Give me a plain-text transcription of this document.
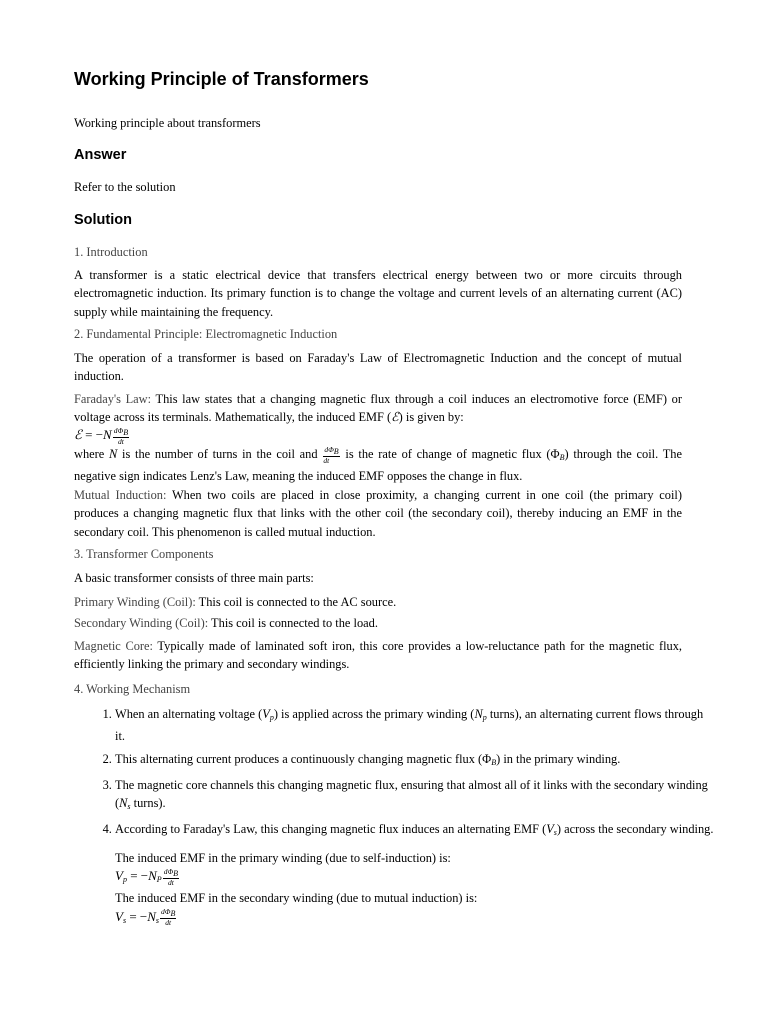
Working Principle of Transformers

Working principle about transformers

Answer

Refer to the solution

Solution

1. Introduction

A transformer is a static electrical device that transfers electrical energy between two or more circuits through electromagnetic induction. Its primary function is to change the voltage and current levels of an alternating current (AC) supply while maintaining the frequency.

2. Fundamental Principle: Electromagnetic Induction

The operation of a transformer is based on Faraday's Law of Electromagnetic Induction and the concept of mutual induction.

Faraday's Law: This law states that a changing magnetic flux through a coil induces an electromotive force (EMF) or voltage across its terminals. Mathematically, the induced EMF (ℰ) is given by:

ℰ = $-N \frac{\text{dΦB}}{dt}$

where N is the number of turns in the coil and $\frac{\text{dΦB}}{dt}$ is the rate of change of magnetic flux $(\Phi_B)$ through the coil. The negative sign indicates Lenz's Law, meaning the induced EMF opposes the change in flux.

Mutual Induction: When two coils are placed in close proximity, a changing current in one coil (the primary coil) produces a changing magnetic flux that links with the other coil (the secondary coil), thereby inducing an EMF in the secondary coil. This phenomenon is called mutual induction.

3. Transformer Components

A basic transformer consists of three main parts:

Primary Winding (Coil): This coil is connected to the AC source.

Secondary Winding (Coil): This coil is connected to the load.

Magnetic Core: Typically made of laminated soft iron, this core provides a low-reluctance path for the magnetic flux, efficiently linking the primary and secondary windings.

4. Working Mechanism

1. When an alternating voltage $(V_p)$ is applied across the primary winding ($N_p$ turns), an alternating current flows through it.
2. This alternating current produces a continuously changing magnetic flux $(\Phi_B)$ in the primary winding.
3. The magnetic core channels this changing magnetic flux, ensuring that almost all of it links with the secondary winding ($N_s$ turns).
4. According to Faraday's Law, this changing magnetic flux induces an alternating EMF $(V_s)$ across the secondary winding.
The induced EMF in the primary winding (due to self-induction) is:
$V_p = -N_P \frac{\text{dΦB}}{dt}$
The induced EMF in the secondary winding (due to mutual induction) is:
$V_s = -N_s \frac{\text{dΦB}}{dt}$
